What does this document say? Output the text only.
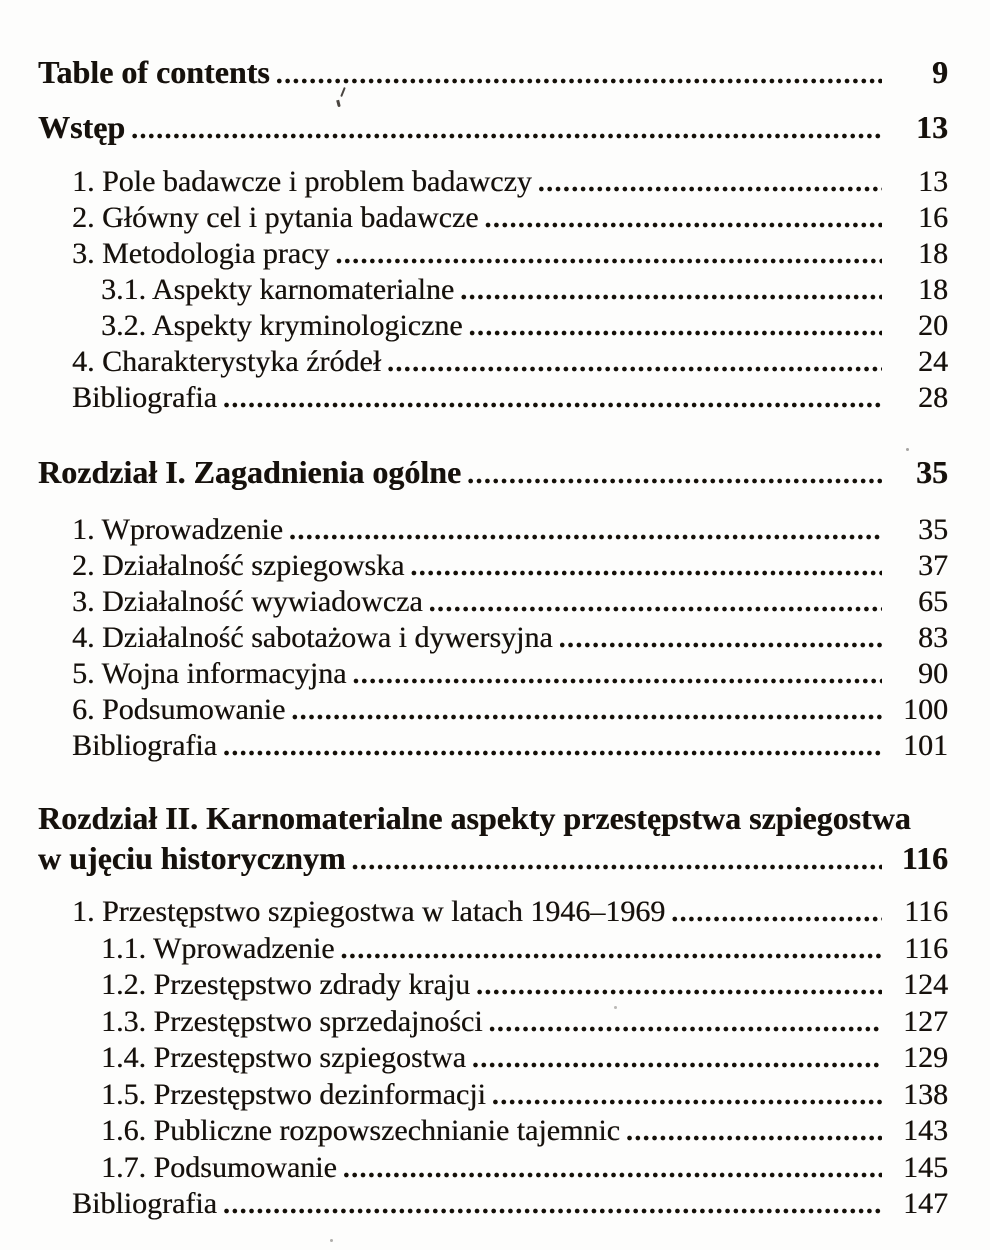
Table of contents .....	9
Wstęp .....	13
1. Pole badawcze i problem badawczy .....	13
2. Główny cel i pytania badawcze .....	16
3. Metodologia pracy .....	18
3.1. Aspekty karnomaterialne .....	18
3.2. Aspekty kryminologiczne .....	20
4. Charakterystyka źródeł .....	24
Bibliografia .....	28
Rozdział I. Zagadnienia ogólne .....	35
1. Wprowadzenie .....	35
2. Działalność szpiegowska .....	37
3. Działalność wywiadowcza .....	65
4. Działalność sabotażowa i dywersyjna .....	83
5. Wojna informacyjna .....	90
6. Podsumowanie .....	100
Bibliografia .....	101
Rozdział II. Karnomaterialne aspekty przestępstwa szpiegostwa
w ujęciu historycznym .....	116
1. Przestępstwo szpiegostwa w latach 1946–1969 .....	116
1.1. Wprowadzenie .....	116
1.2. Przestępstwo zdrady kraju .....	124
1.3. Przestępstwo sprzedajności .....	127
1.4. Przestępstwo szpiegostwa .....	129
1.5. Przestępstwo dezinformacji .....	138
1.6. Publiczne rozpowszechnianie tajemnic .....	143
1.7. Podsumowanie .....	145
Bibliografia .....	147
